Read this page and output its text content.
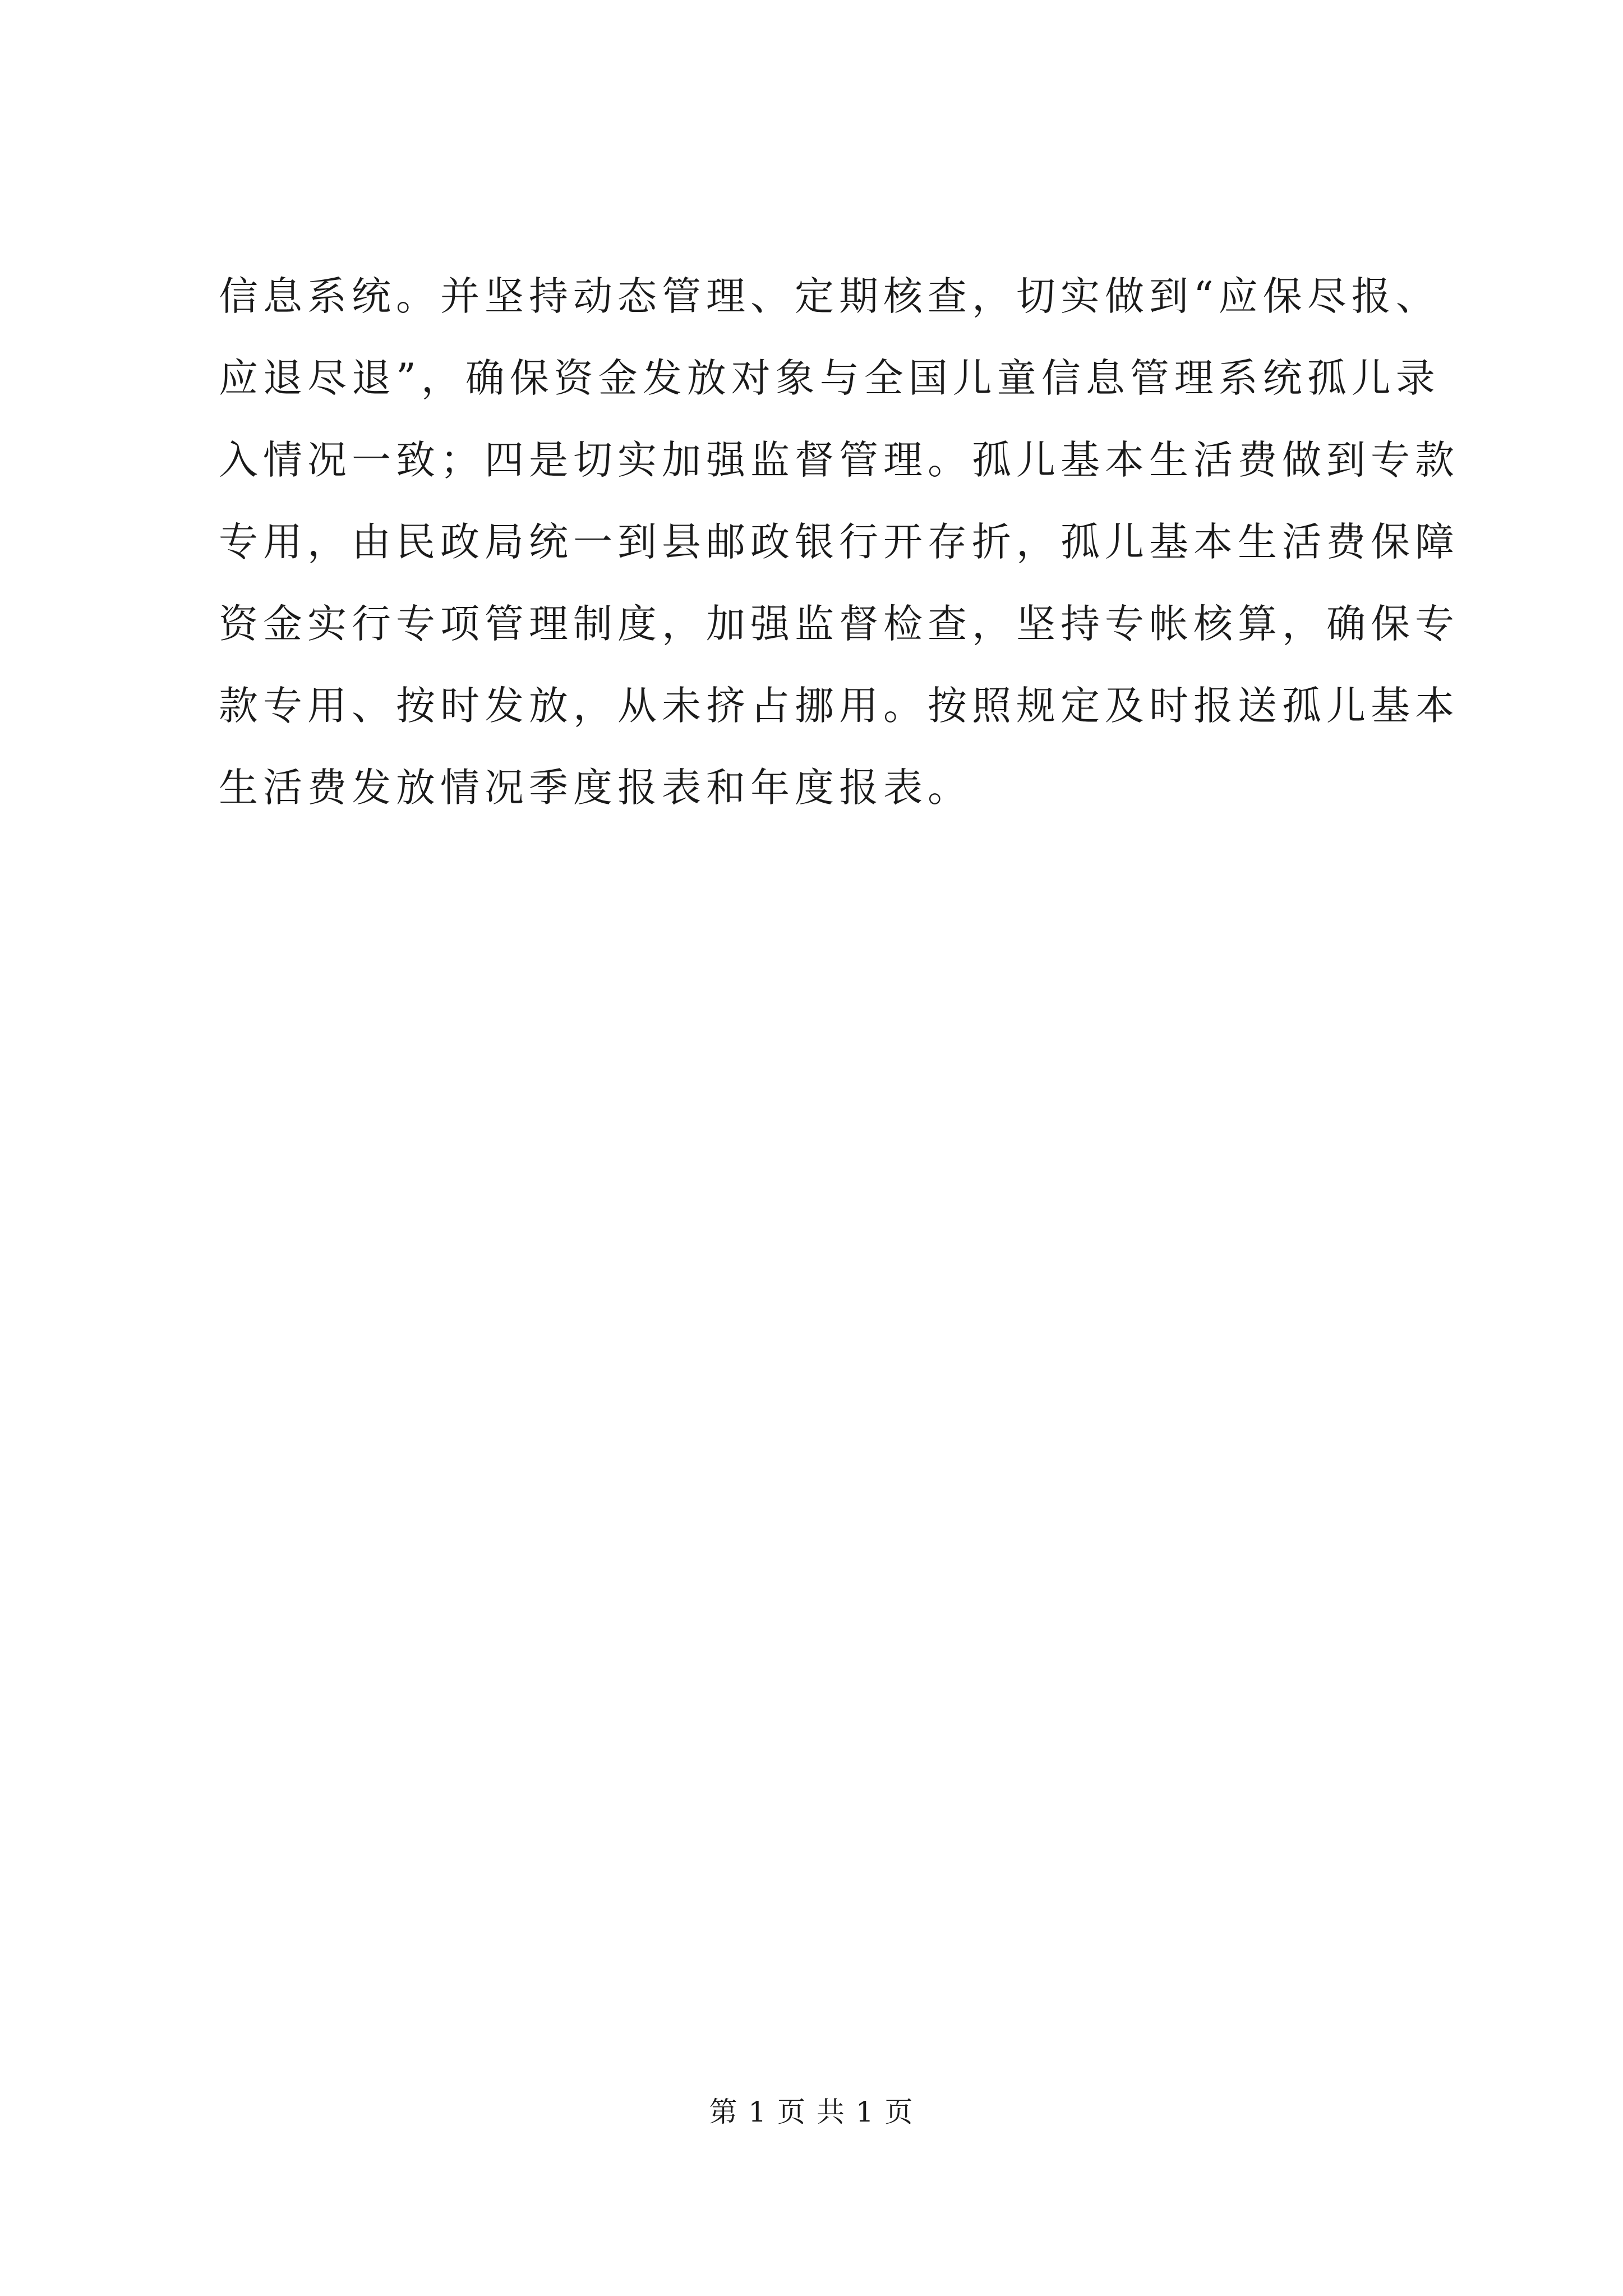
信息系统。并坚持动态管理、定期核查，切实做到“应保尽报、
应退尽退”，确保资金发放对象与全国儿童信息管理系统孤儿录
入情况一致；四是切实加强监督管理。孤儿基本生活费做到专款
专用，由民政局统一到县邮政银行开存折，孤儿基本生活费保障
资金实行专项管理制度，加强监督检查，坚持专帐核算，确保专
款专用、按时发放，从未挤占挪用。按照规定及时报送孤儿基本
生活费发放情况季度报表和年度报表。
第 1 页 共 1 页
